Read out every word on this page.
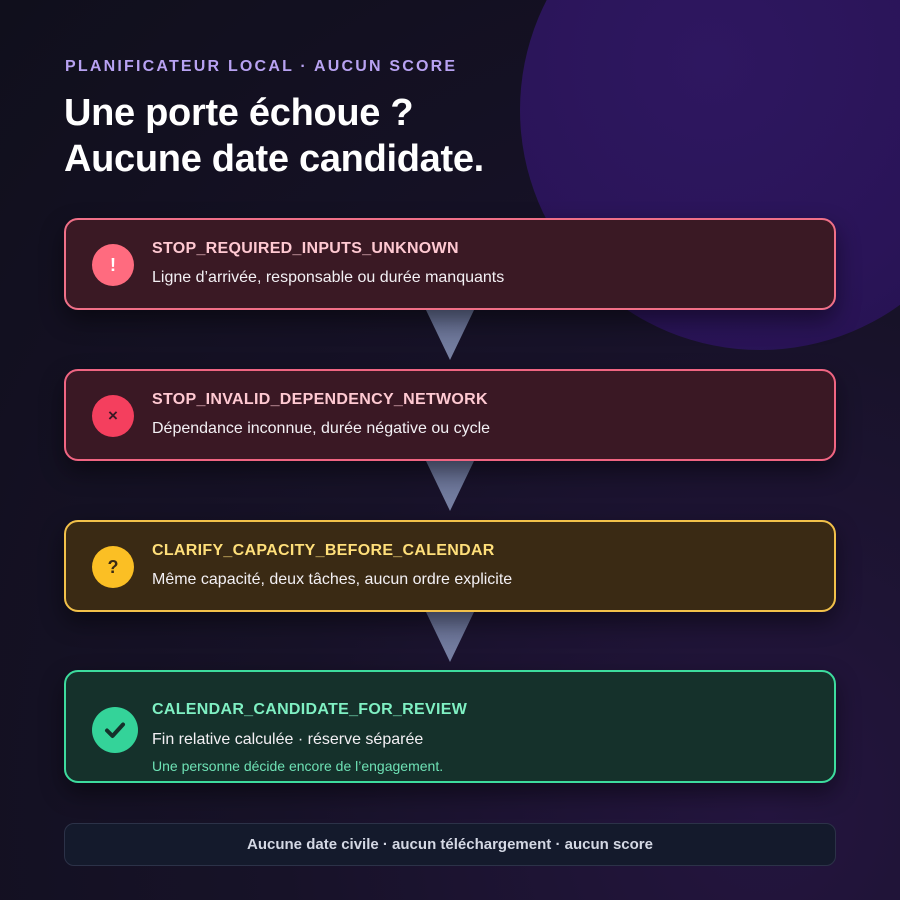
PLANIFICATEUR LOCAL · AUCUN SCORE
Une porte échoue ?
Aucune date candidate.
!
STOP_REQUIRED_INPUTS_UNKNOWN
Ligne d’arrivée, responsable ou durée manquants
×
STOP_INVALID_DEPENDENCY_NETWORK
Dépendance inconnue, durée négative ou cycle
?
CLARIFY_CAPACITY_BEFORE_CALENDAR
Même capacité, deux tâches, aucun ordre explicite
CALENDAR_CANDIDATE_FOR_REVIEW
Fin relative calculée · réserve séparée
Une personne décide encore de l’engagement.
Aucune date civile · aucun téléchargement · aucun score
